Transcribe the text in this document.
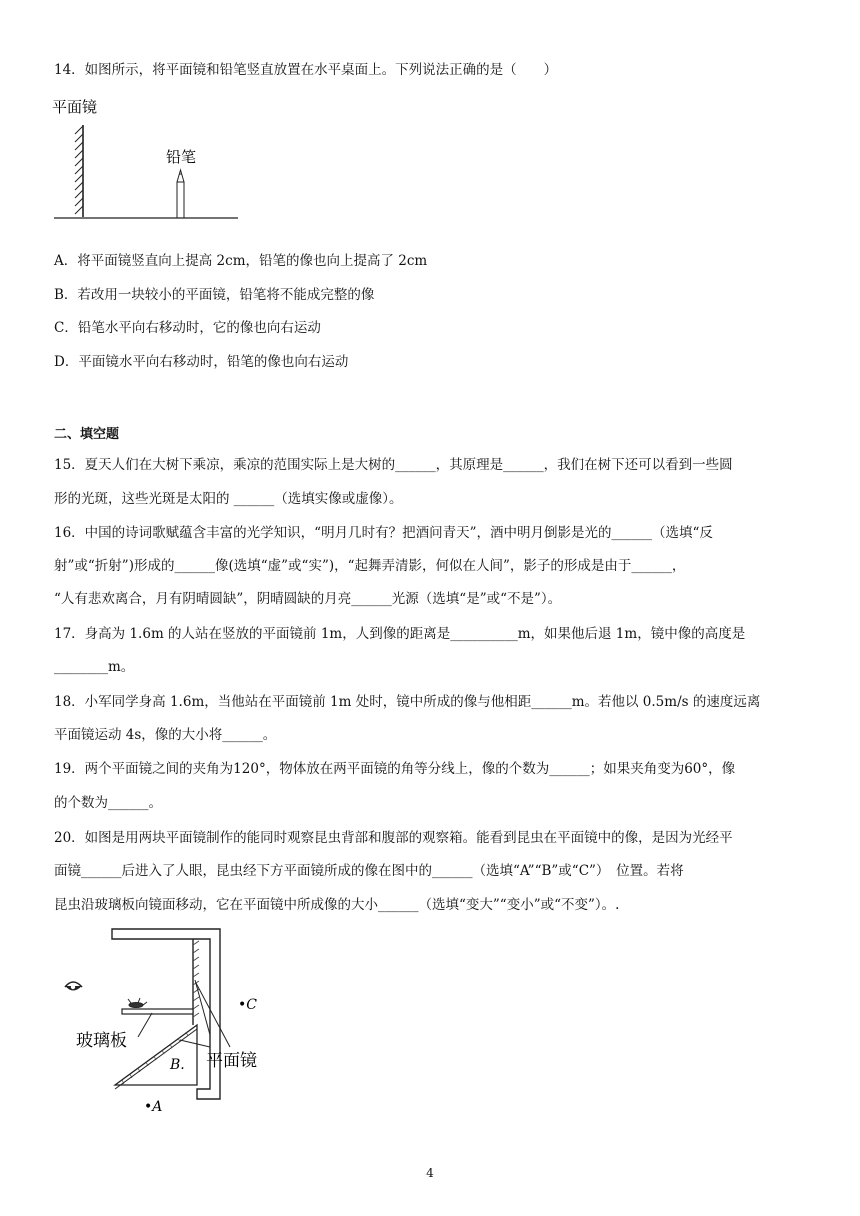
14．如图所示，将平面镜和铅笔竖直放置在水平桌面上。下列说法正确的是（　　）
平面镜
铅笔
A．将平面镜竖直向上提高 2cm，铅笔的像也向上提高了 2cm
B．若改用一块较小的平面镜，铅笔将不能成完整的像
C．铅笔水平向右移动时，它的像也向右运动
D．平面镜水平向右移动时，铅笔的像也向右运动
二、填空题
15．夏天人们在大树下乘凉，乘凉的范围实际上是大树的______，其原理是______，我们在树下还可以看到一些圆
形的光斑，这些光斑是太阳的 ______（选填实像或虚像）。
16．中国的诗词歌赋蕴含丰富的光学知识，“明月几时有？把酒问青天”，酒中明月倒影是光的______（选填“反
射”或“折射”)形成的______像(选填“虚”或“实”)，“起舞弄清影，何似在人间”，影子的形成是由于______，
“人有悲欢离合，月有阴晴圆缺”，阴晴圆缺的月亮______光源（选填“是”或“不是”）。
17．身高为 1.6m 的人站在竖放的平面镜前 1m，人到像的距离是__________m，如果他后退 1m，镜中像的高度是
________m。
18．小军同学身高 1.6m，当他站在平面镜前 1m 处时，镜中所成的像与他相距______m。若他以 0.5m/s 的速度远离
平面镜运动 4s，像的大小将______。
19．两个平面镜之间的夹角为120°，物体放在两平面镜的角等分线上，像的个数为______；如果夹角变为60°，像
的个数为______。
20．如图是用两块平面镜制作的能同时观察昆虫背部和腹部的观察箱。能看到昆虫在平面镜中的像，是因为光经平
面镜______后进入了人眼，昆虫经下方平面镜所成的像在图中的______（选填“A”“B”或“C”）　位置。若将
昆虫沿玻璃板向镜面移动，它在平面镜中所成像的大小______（选填“变大”“变小”或“不变”）。.
玻璃板
平面镜
B.
•C
•A
4
